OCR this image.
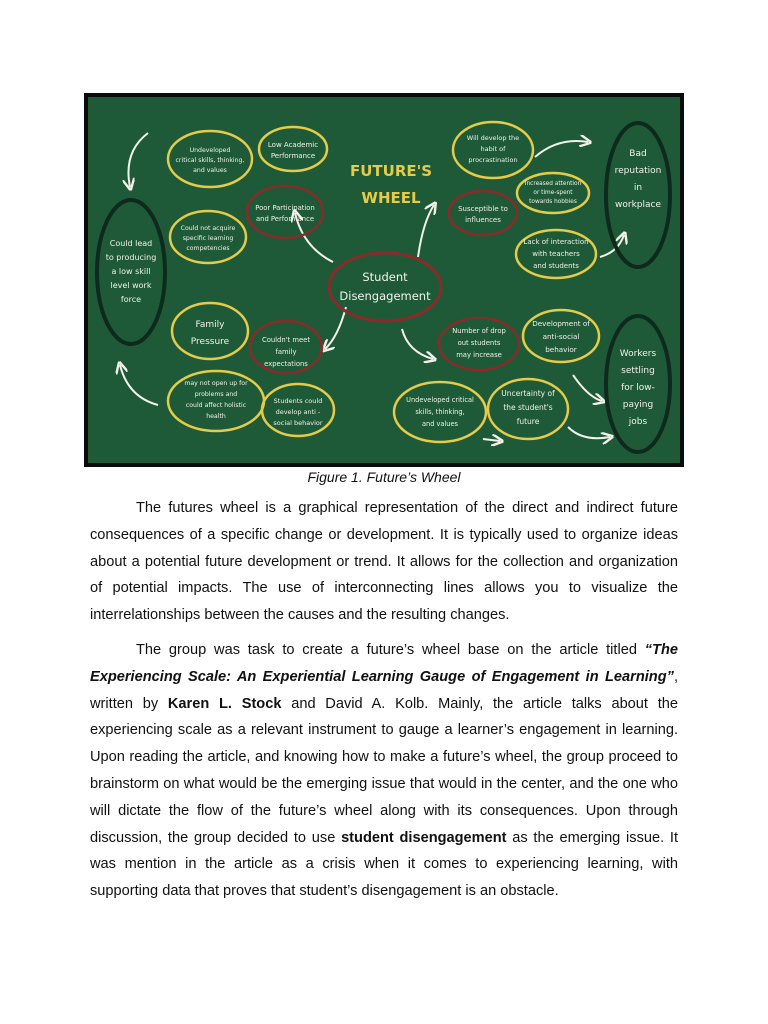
FUTURE'S
WHEEL
Student
Disengagement
Undeveloped critical skills, thinking, and values
Low Academic Performance
Poor Participation and Performance
Could not acquire specific learning competencies
Could lead to producing a low skill level work force
Will develop the habit of procrastination
Susceptible to influences
Increased attention or time-spent towards hobbies
Lack of interaction with teachers and students
Bad reputation in workplace
Family Pressure	Couldn't meet family expectations
may not open up for problems and could affect holistic health
Students could develop anti -social behavior
Number of drop out students may increase
Development of anti-social behavior
Undeveloped critical skills, thinking, and values
Uncertainty of the student's future
Workers settling for low-paying jobs
Figure 1. Future’s Wheel

The futures wheel is a graphical representation of the direct and indirect future consequences of a specific change or development. It is typically used to organize ideas about a potential future development or trend. It allows for the collection and organization of potential impacts. The use of interconnecting lines allows you to visualize the interrelationships between the causes and the resulting changes.

The group was task to create a future’s wheel base on the article titled “The Experiencing Scale: An Experiential Learning Gauge of Engagement in Learning”, written by Karen L. Stock and David A. Kolb. Mainly, the article talks about the experiencing scale as a relevant instrument to gauge a learner’s engagement in learning. Upon reading the article, and knowing how to make a future’s wheel, the group proceed to brainstorm on what would be the emerging issue that would in the center, and the one who will dictate the flow of the future’s wheel along with its consequences. Upon through discussion, the group decided to use student disengagement as the emerging issue. It was mention in the article as a crisis when it comes to experiencing learning, with supporting data that proves that student’s disengagement is an obstacle.
